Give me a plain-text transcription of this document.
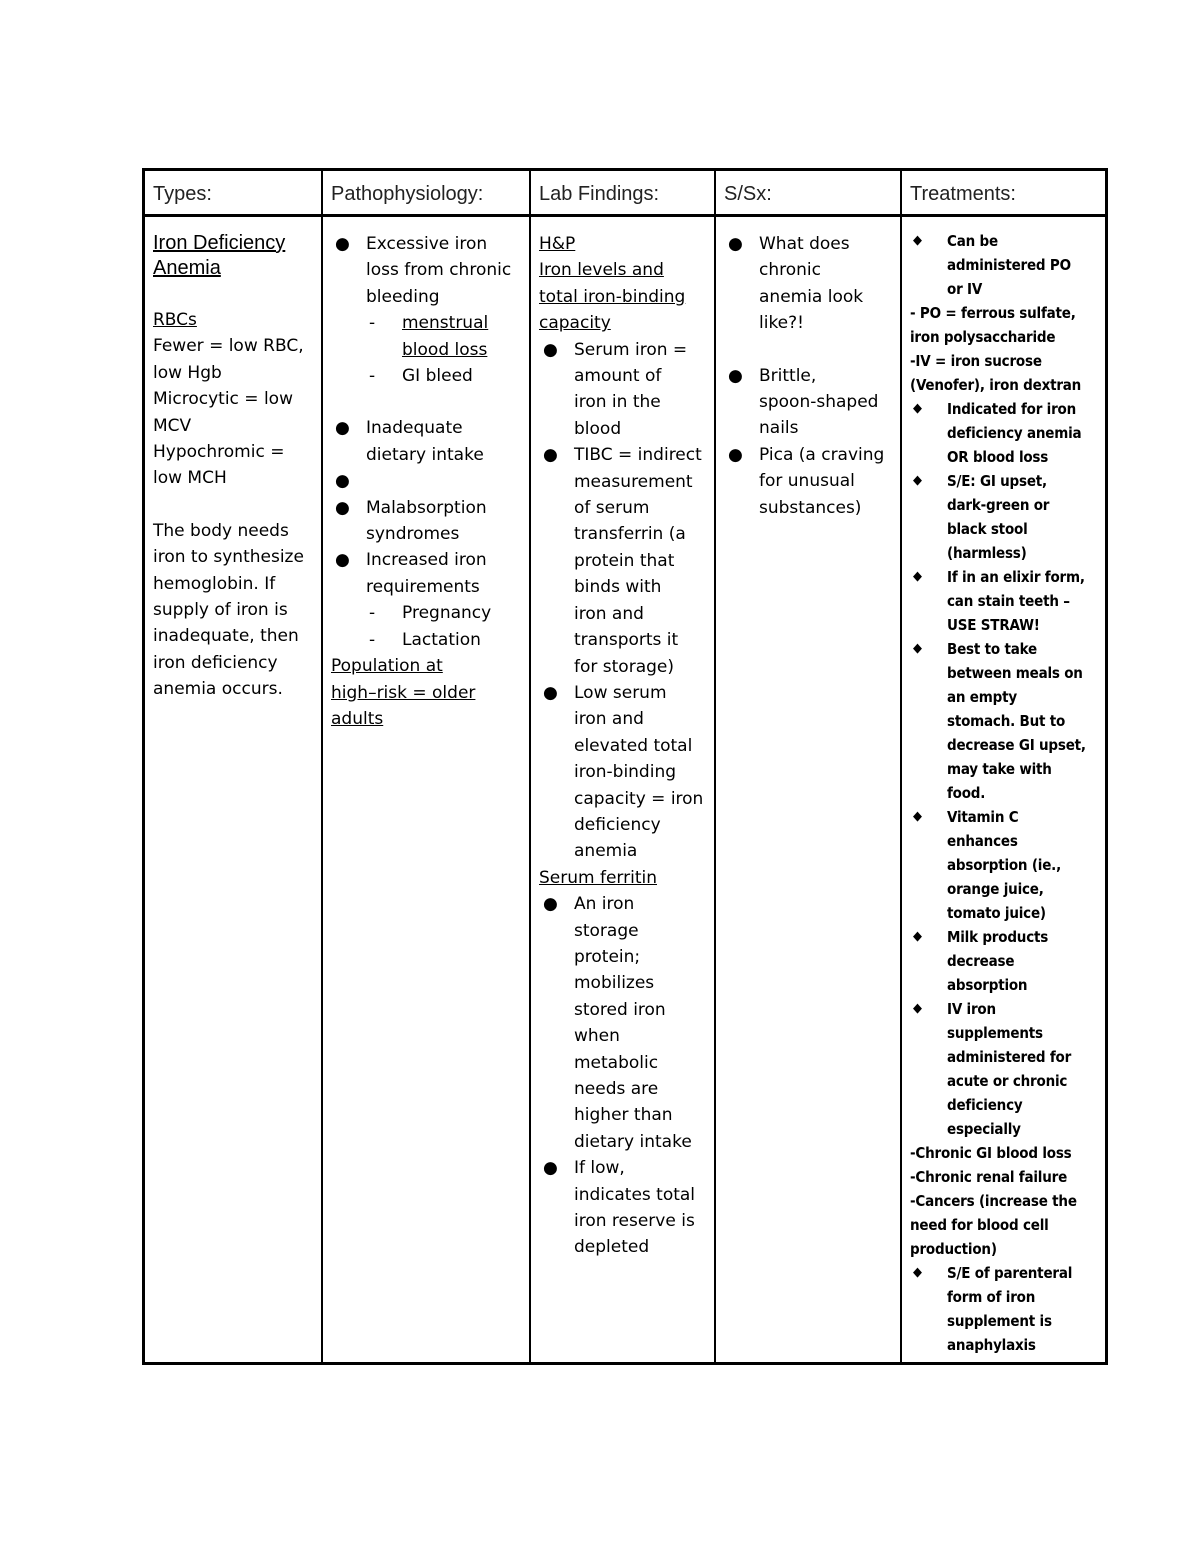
Types:
Iron Deficiency
Anemia
RBCs
Fewer = low RBC,
low Hgb
Microcytic = low
MCV
Hypochromic =
low MCH
The body needs
iron to synthesize
hemoglobin. If
supply of iron is
inadequate, then
iron deficiency
anemia occurs.
Pathophysiology:
● Excessive iron
loss from chronic
bleeding
- menstrual
blood loss
- GI bleed
● Inadequate
dietary intake
●

● Malabsorption
syndromes
● Increased iron
requirements
- Pregnancy
- Lactation
Population at
high–risk = older
adults
Lab Findings:
H&P
Iron levels and
total iron-binding
capacity
● Serum iron =
amount of
iron in the
blood
● TIBC = indirect
measurement
of serum
transferrin (a
protein that
binds with
iron and
transports it
for storage)
● Low serum
iron and
elevated total
iron-binding
capacity = iron
deficiency
anemia
Serum ferritin
● An iron
storage
protein;
mobilizes
stored iron
when
metabolic
needs are
higher than
dietary intake
● If low,
indicates total
iron reserve is
depleted
S/Sx:
● What does
chronic
anemia look
like?!
● Brittle,
spoon-shaped
nails
● Pica (a craving
for unusual
substances)
Treatments:
◆ Can be
administered PO
or IV
- PO = ferrous sulfate,
iron polysaccharide
-IV = iron sucrose
(Venofer), iron dextran
◆ Indicated for iron
deficiency anemia
OR blood loss
◆ S/E: GI upset,
dark-green or
black stool
(harmless)
◆ If in an elixir form,
can stain teeth –
USE STRAW!
◆ Best to take
between meals on
an empty
stomach. But to
decrease GI upset,
may take with
food.
◆ Vitamin C
enhances
absorption (ie.,
orange juice,
tomato juice)
◆ Milk products
decrease
absorption
◆ IV iron
supplements
administered for
acute or chronic
deficiency
especially
-Chronic GI blood loss
-Chronic renal failure
-Cancers (increase the
need for blood cell
production)
◆ S/E of parenteral
form of iron
supplement is
anaphylaxis
